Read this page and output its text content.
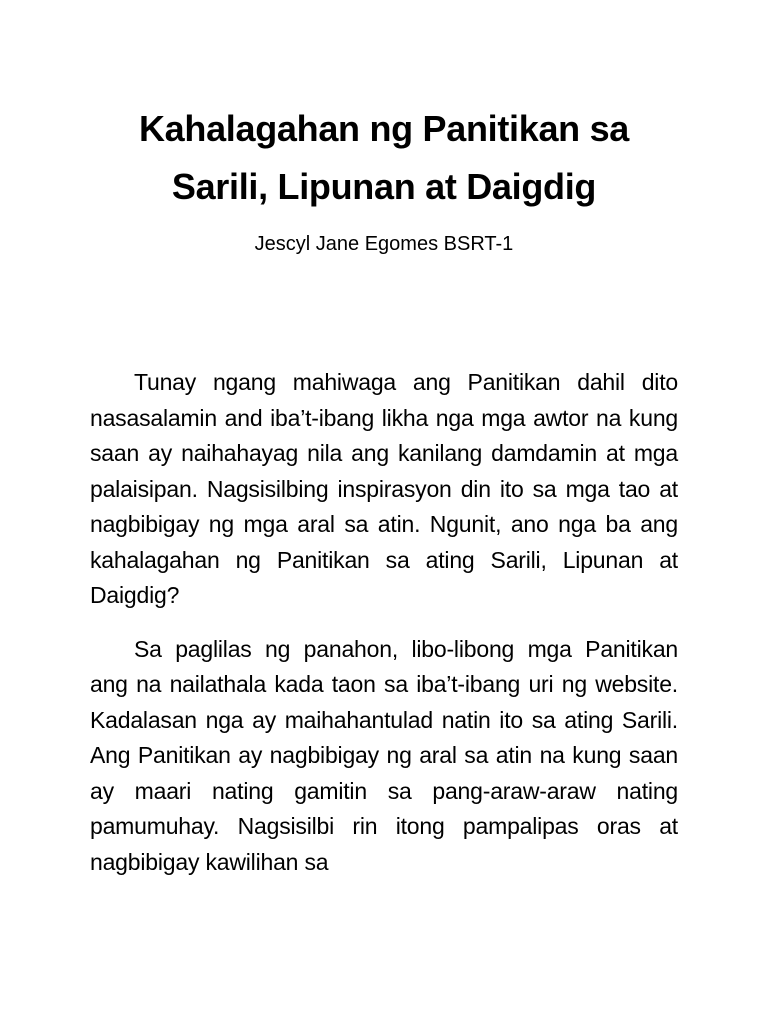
Kahalagahan ng Panitikan sa
Sarili, Lipunan at Daigdig

Jescyl Jane Egomes BSRT-1

Tunay ngang mahiwaga ang Panitikan dahil dito nasasalamin and iba’t-ibang likha nga mga awtor na kung saan ay naihahayag nila ang kanilang damdamin at mga palaisipan. Nagsisilbing inspirasyon din ito sa mga tao at nagbibigay ng mga aral sa atin. Ngunit, ano nga ba ang kahalagahan ng Panitikan sa ating Sarili, Lipunan at Daigdig?

Sa paglilas ng panahon, libo-libong mga Panitikan ang na nailathala kada taon sa iba’t-ibang uri ng website. Kadalasan nga ay maihahantulad natin ito sa ating Sarili. Ang Panitikan ay nagbibigay ng aral sa atin na kung saan ay maari nating gamitin sa pang-araw-araw nating pamumuhay. Nagsisilbi rin itong pampalipas oras at nagbibigay kawilihan sa
